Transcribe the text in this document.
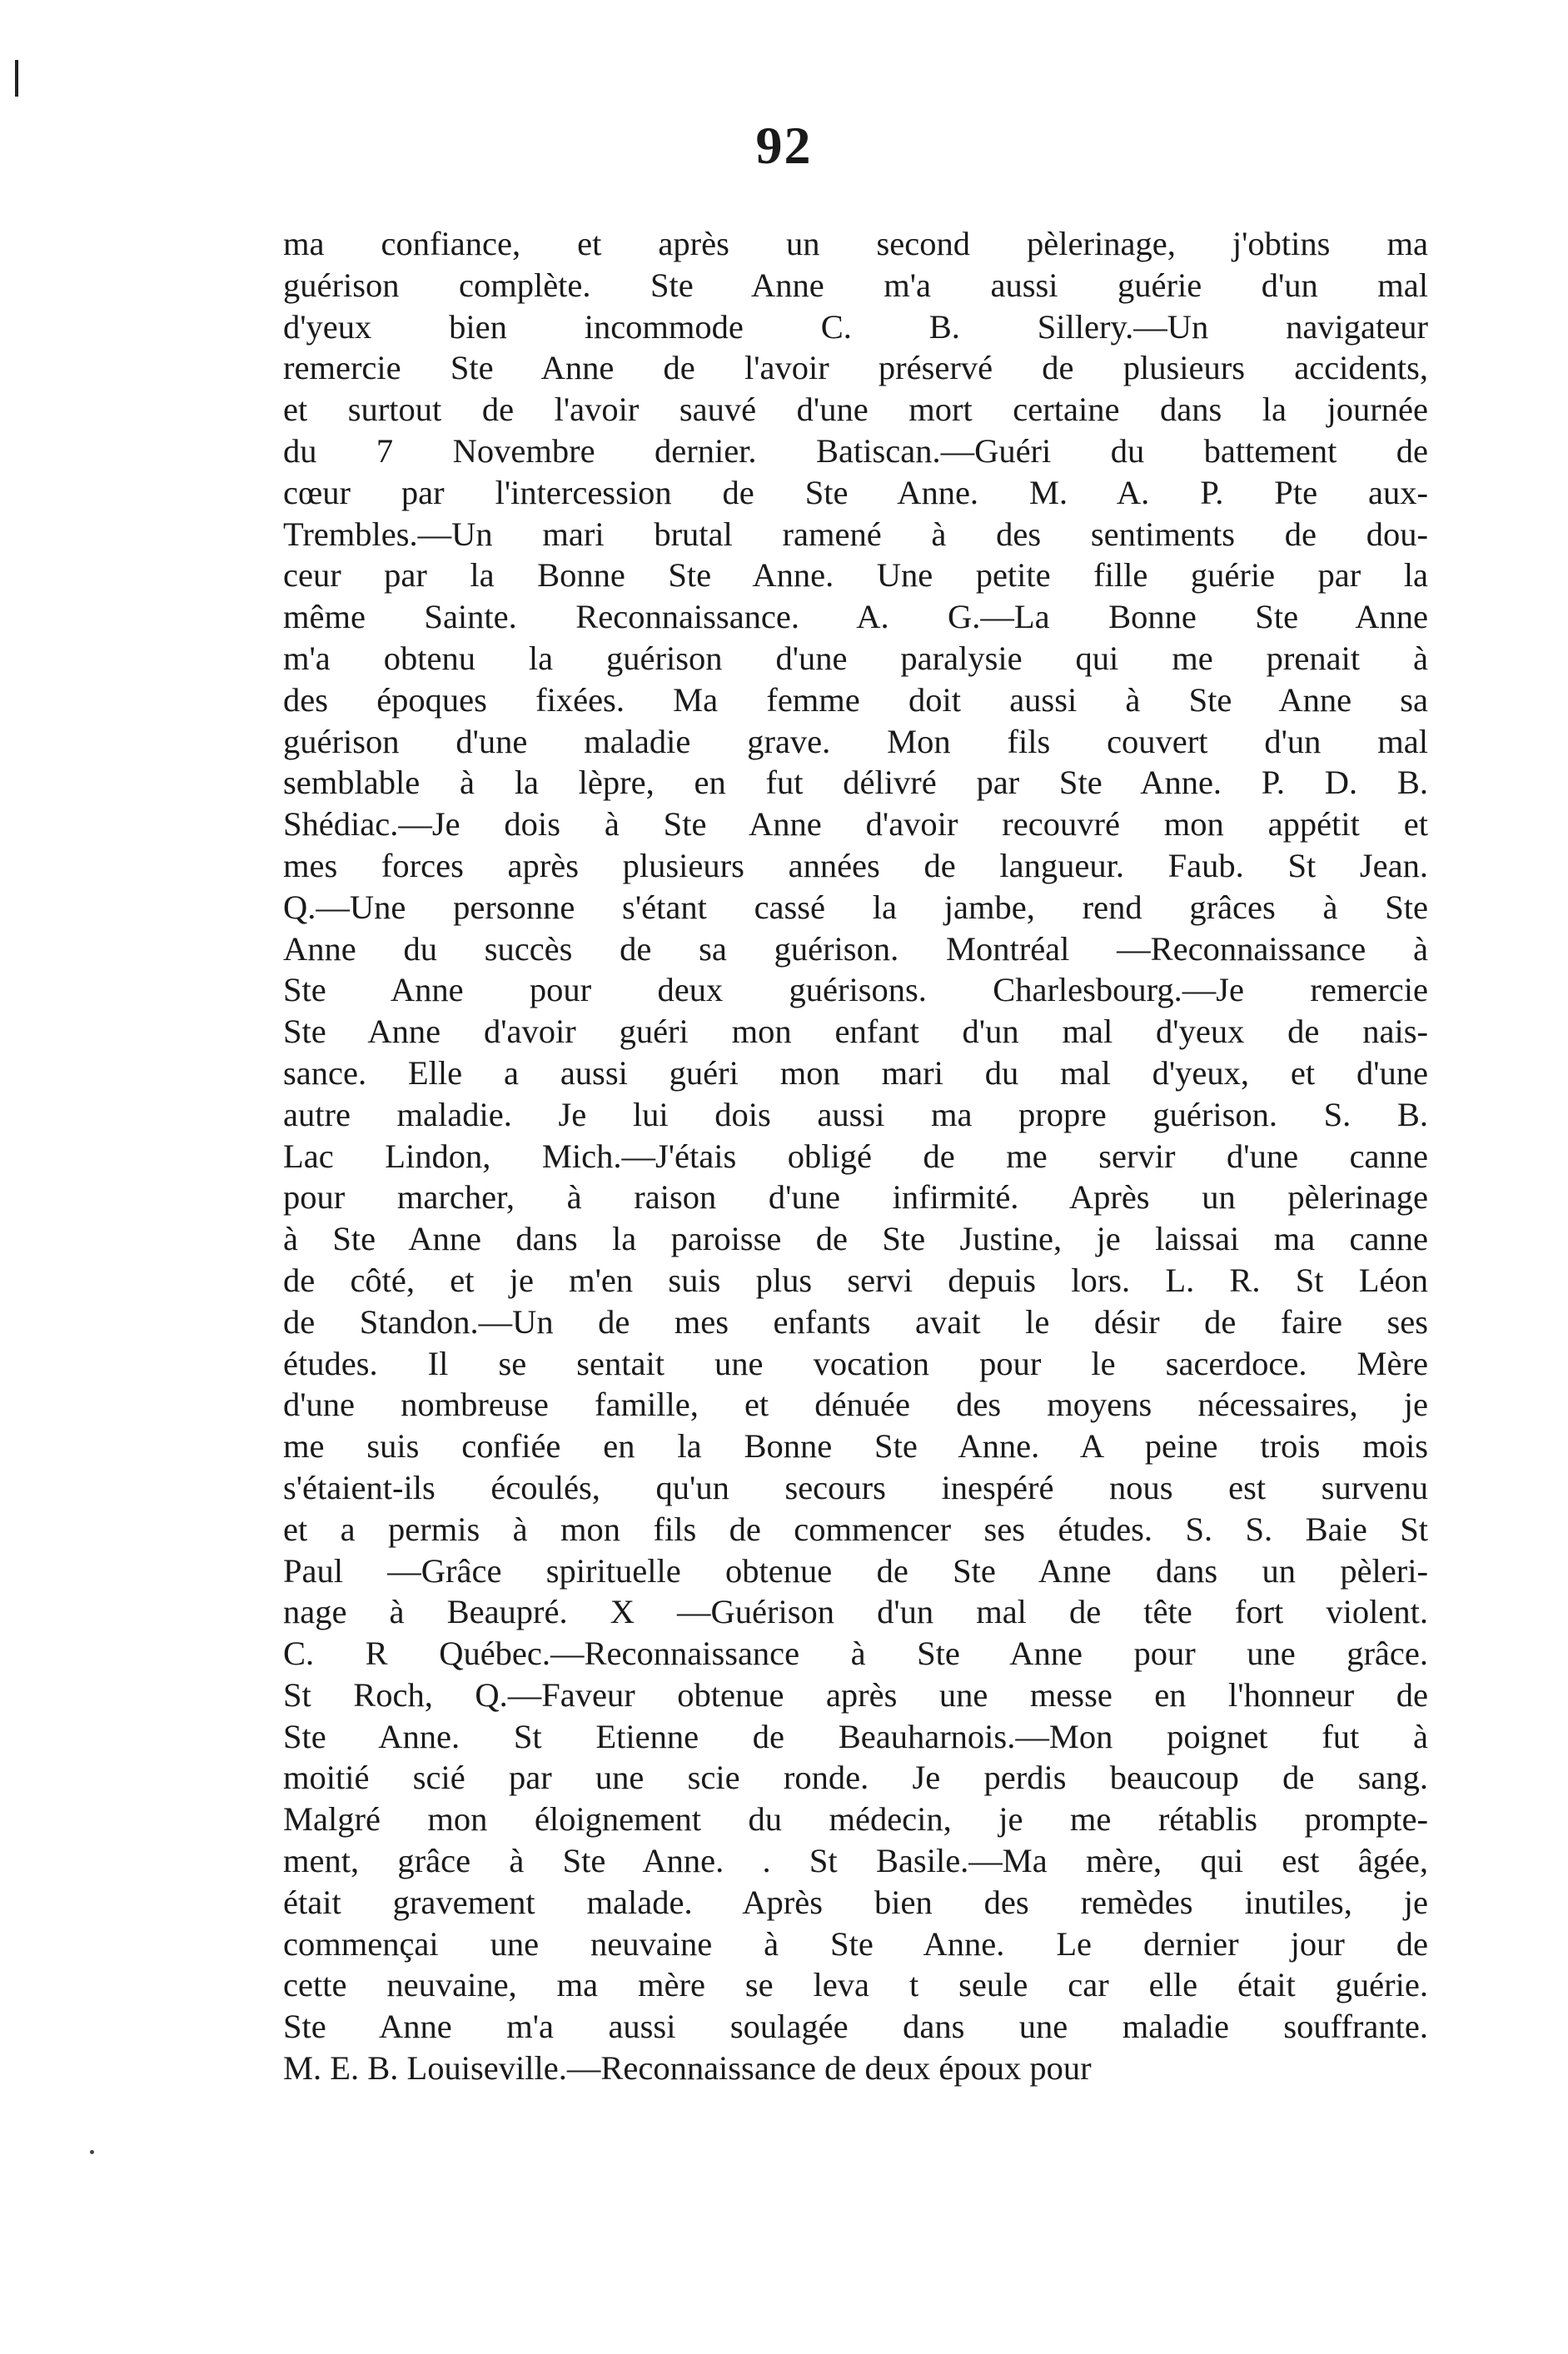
92
ma confiance, et après un second pèlerinage, j'obtins ma
guérison complète. Ste Anne m'a aussi guérie d'un mal
d'yeux bien incommode C. B. Sillery.—Un navigateur
remercie Ste Anne de l'avoir préservé de plusieurs accidents,
et surtout de l'avoir sauvé d'une mort certaine dans la journée
du 7 Novembre dernier. Batiscan.—Guéri du battement de
cœur par l'intercession de Ste Anne. M. A. P. Pte aux-
Trembles.—Un mari brutal ramené à des sentiments de dou-
ceur par la Bonne Ste Anne. Une petite fille guérie par la
même Sainte. Reconnaissance. A. G.—La Bonne Ste Anne
m'a obtenu la guérison d'une paralysie qui me prenait à
des époques fixées. Ma femme doit aussi à Ste Anne sa
guérison d'une maladie grave. Mon fils couvert d'un mal
semblable à la lèpre, en fut délivré par Ste Anne. P. D. B.
Shédiac.—Je dois à Ste Anne d'avoir recouvré mon appétit et
mes forces après plusieurs années de langueur. Faub. St Jean.
Q.—Une personne s'étant cassé la jambe, rend grâces à Ste
Anne du succès de sa guérison. Montréal —Reconnaissance à
Ste Anne pour deux guérisons. Charlesbourg.—Je remercie
Ste Anne d'avoir guéri mon enfant d'un mal d'yeux de nais-
sance. Elle a aussi guéri mon mari du mal d'yeux, et d'une
autre maladie. Je lui dois aussi ma propre guérison. S. B.
Lac Lindon, Mich.—J'étais obligé de me servir d'une canne
pour marcher, à raison d'une infirmité. Après un pèlerinage
à Ste Anne dans la paroisse de Ste Justine, je laissai ma canne
de côté, et je m'en suis plus servi depuis lors. L. R. St Léon
de Standon.—Un de mes enfants avait le désir de faire ses
études. Il se sentait une vocation pour le sacerdoce. Mère
d'une nombreuse famille, et dénuée des moyens nécessaires, je
me suis confiée en la Bonne Ste Anne. A peine trois mois
s'étaient-ils écoulés, qu'un secours inespéré nous est survenu
et a permis à mon fils de commencer ses études. S. S. Baie St
Paul —Grâce spirituelle obtenue de Ste Anne dans un pèleri-
nage à Beaupré. X —Guérison d'un mal de tête fort violent.
C. R Québec.—Reconnaissance à Ste Anne pour une grâce.
St Roch, Q.—Faveur obtenue après une messe en l'honneur de
Ste Anne. St Etienne de Beauharnois.—Mon poignet fut à
moitié scié par une scie ronde. Je perdis beaucoup de sang.
Malgré mon éloignement du médecin, je me rétablis prompte-
ment, grâce à Ste Anne. . St Basile.—Ma mère, qui est âgée,
était gravement malade. Après bien des remèdes inutiles, je
commençai une neuvaine à Ste Anne. Le dernier jour de
cette neuvaine, ma mère se leva t seule car elle était guérie.
Ste Anne m'a aussi soulagée dans une maladie souffrante.
M. E. B. Louiseville.—Reconnaissance de deux époux pour
